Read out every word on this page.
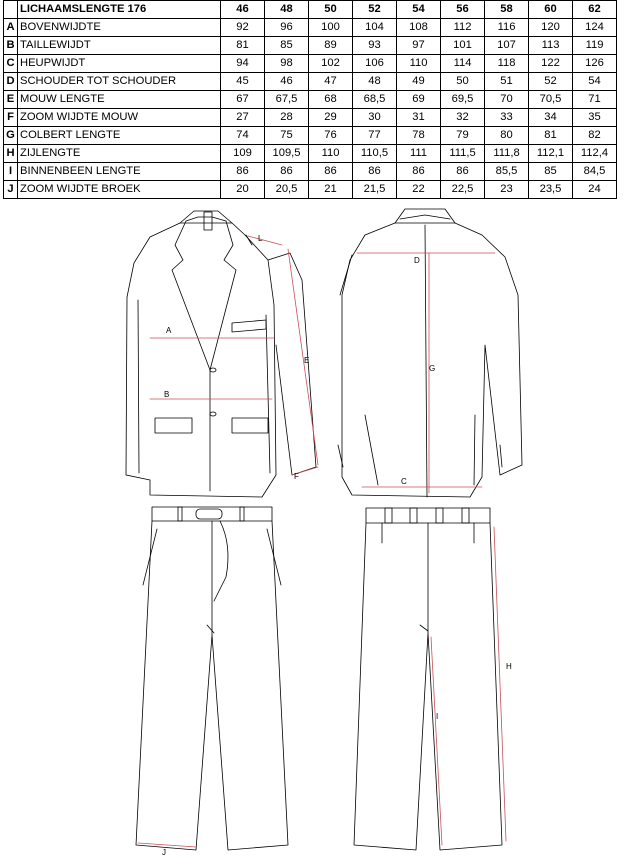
	LICHAAMSLENGTE 176	46	48	50	52	54	56	58	60	62
A	BOVENWIJDTE	92	96	100	104	108	112	116	120	124
B	TAILLEWIJDT	81	85	89	93	97	101	107	113	119
C	HEUPWIJDT	94	98	102	106	110	114	118	122	126
D	SCHOUDER TOT SCHOUDER	45	46	47	48	49	50	51	52	54
E	MOUW LENGTE	67	67,5	68	68,5	69	69,5	70	70,5	71
F	ZOOM WIJDTE MOUW	27	28	29	30	31	32	33	34	35
G	COLBERT LENGTE	74	75	76	77	78	79	80	81	82
H	ZIJLENGTE	109	109,5	110	110,5	111	111,5	111,8	112,1	112,4
I	BINNENBEEN LENGTE	86	86	86	86	86	86	85,5	85	84,5
J	ZOOM WIJDTE BROEK	20	20,5	21	21,5	22	22,5	23	23,5	24
A
B
C
D
E
F
G
H
I
J
L
